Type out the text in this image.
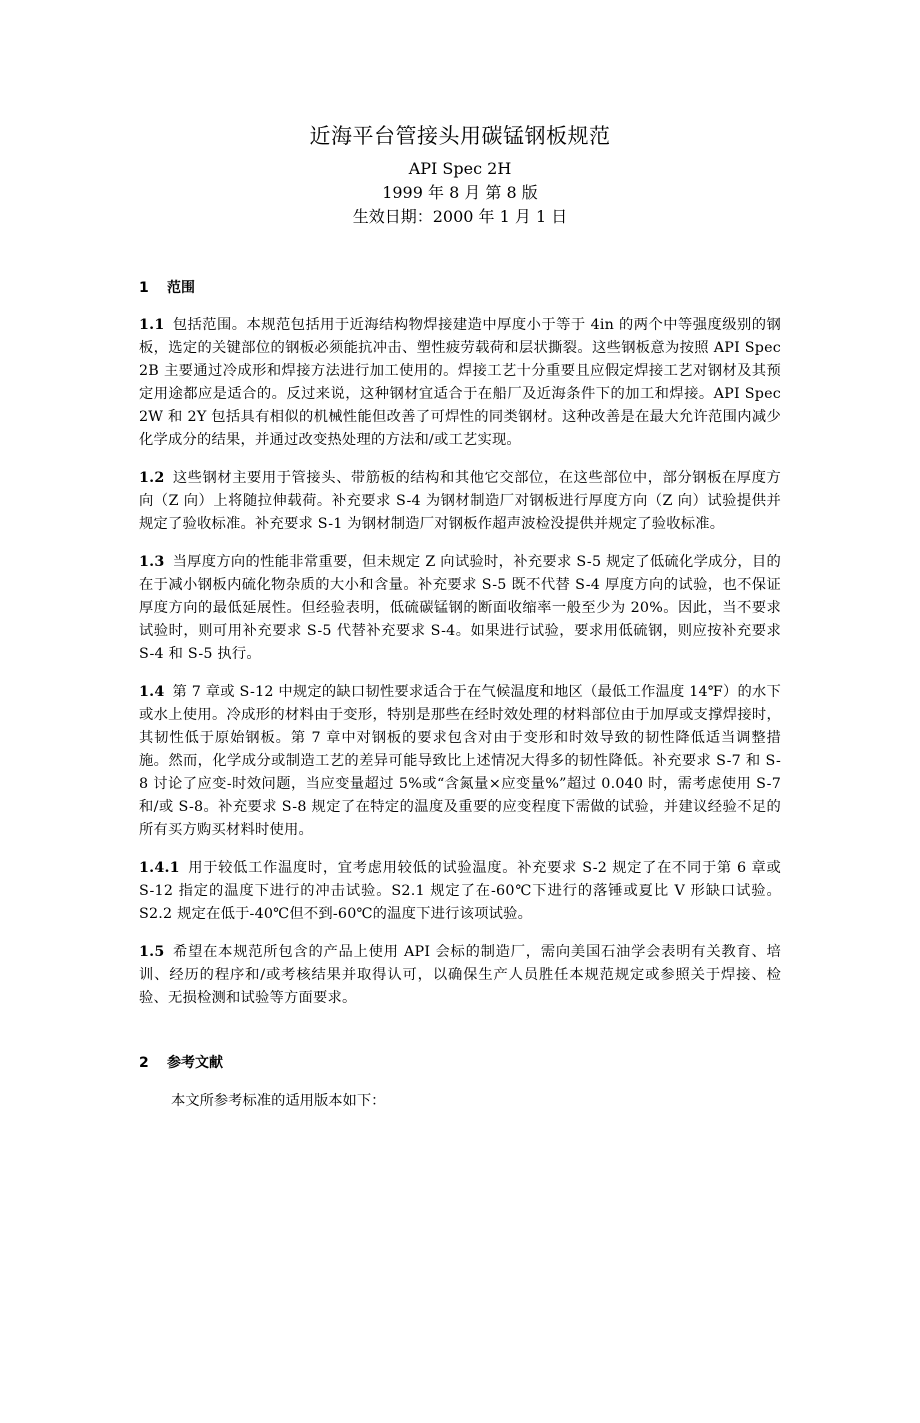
近海平台管接头用碳锰钢板规范
API Spec 2H
1999 年 8 月 第 8 版
生效日期：2000 年 1 月 1 日
1 范围
1.1 包括范围。本规范包括用于近海结构物焊接建造中厚度小于等于 4in 的两个中等强度级别的钢板，选定的关键部位的钢板必须能抗冲击、塑性疲劳载荷和层状撕裂。这些钢板意为按照 API Spec 2B 主要通过冷成形和焊接方法进行加工使用的。焊接工艺十分重要且应假定焊接工艺对钢材及其预定用途都应是适合的。反过来说，这种钢材宜适合于在船厂及近海条件下的加工和焊接。API Spec 2W 和 2Y 包括具有相似的机械性能但改善了可焊性的同类钢材。这种改善是在最大允许范围内减少化学成分的结果，并通过改变热处理的方法和/或工艺实现。
1.2 这些钢材主要用于管接头、带筋板的结构和其他它交部位，在这些部位中，部分钢板在厚度方向（Z 向）上将随拉伸载荷。补充要求 S-4 为钢材制造厂对钢板进行厚度方向（Z 向）试验提供并规定了验收标准。补充要求 S-1 为钢材制造厂对钢板作超声波检没提供并规定了验收标准。
1.3 当厚度方向的性能非常重要，但未规定 Z 向试验时，补充要求 S-5 规定了低硫化学成分，目的在于减小钢板内硫化物杂质的大小和含量。补充要求 S-5 既不代替 S-4 厚度方向的试验，也不保证厚度方向的最低延展性。但经验表明，低硫碳锰钢的断面收缩率一般至少为 20%。因此，当不要求试验时，则可用补充要求 S-5 代替补充要求 S-4。如果进行试验，要求用低硫钢，则应按补充要求 S-4 和 S-5 执行。
1.4 第 7 章或 S-12 中规定的缺口韧性要求适合于在气候温度和地区（最低工作温度 14℉）的水下或水上使用。冷成形的材料由于变形，特别是那些在经时效处理的材料部位由于加厚或支撑焊接时，其韧性低于原始钢板。第 7 章中对钢板的要求包含对由于变形和时效导致的韧性降低适当调整措施。然而，化学成分或制造工艺的差异可能导致比上述情况大得多的韧性降低。补充要求 S-7 和 S-8 讨论了应变-时效问题，当应变量超过 5%或“含氮量×应变量%”超过 0.040 时，需考虑使用 S-7 和/或 S-8。补充要求 S-8 规定了在特定的温度及重要的应变程度下需做的试验，并建议经验不足的所有买方购买材料时使用。
1.4.1 用于较低工作温度时，宜考虑用较低的试验温度。补充要求 S-2 规定了在不同于第 6 章或 S-12 指定的温度下进行的冲击试验。S2.1 规定了在-60℃下进行的落锤或夏比 V 形缺口试验。S2.2 规定在低于-40℃但不到-60℃的温度下进行该项试验。
1.5 希望在本规范所包含的产品上使用 API 会标的制造厂，需向美国石油学会表明有关教育、培训、经历的程序和/或考核结果并取得认可，以确保生产人员胜任本规范规定或参照关于焊接、检验、无损检测和试验等方面要求。
2 参考文献
本文所参考标准的适用版本如下：
